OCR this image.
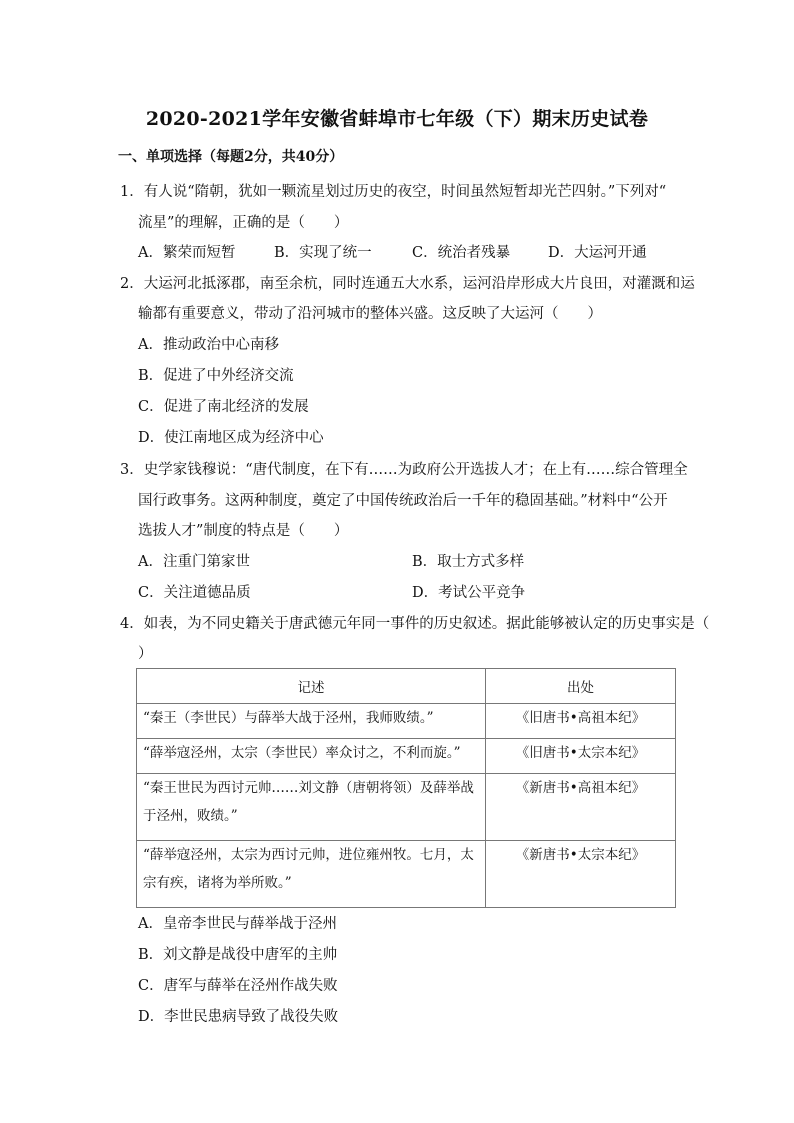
2020-2021学年安徽省蚌埠市七年级（下）期末历史试卷
一、单项选择（每题2分，共40分）
1．有人说“隋朝，犹如一颗流星划过历史的夜空，时间虽然短暂却光芒四射。”下列对“
流星”的理解，正确的是（　　）
A．繁荣而短暂	B．实现了统一	C．统治者残暴	D．大运河开通
2．大运河北抵涿郡，南至余杭，同时连通五大水系，运河沿岸形成大片良田，对灌溉和运
输都有重要意义，带动了沿河城市的整体兴盛。这反映了大运河（　　）
A．推动政治中心南移
B．促进了中外经济交流
C．促进了南北经济的发展
D．使江南地区成为经济中心
3．史学家钱穆说：“唐代制度，在下有……为政府公开选拔人才；在上有……综合管理全
国行政事务。这两种制度，奠定了中国传统政治后一千年的稳固基础。”材料中“公开
选拔人才”制度的特点是（　　）
A．注重门第家世	B．取士方式多样
C．关注道德品质	D．考试公平竞争
4．如表，为不同史籍关于唐武德元年同一事件的历史叙述。据此能够被认定的历史事实是（
）
记述	出处

“秦王（李世民）与薛举大战于泾州，我师败绩。”	《旧唐书•高祖本纪》

“薛举寇泾州，太宗（李世民）率众讨之，不利而旋。”	《旧唐书•太宗本纪》

“秦王世民为西讨元帅……刘文静（唐朝将领）及薛举战
于泾州，败绩。”	《新唐书•高祖本纪》

“薛举寇泾州，太宗为西讨元帅，进位雍州牧。七月，太
宗有疾，诸将为举所败。”	《新唐书•太宗本纪》
A．皇帝李世民与薛举战于泾州
B．刘文静是战役中唐军的主帅
C．唐军与薛举在泾州作战失败
D．李世民患病导致了战役失败
